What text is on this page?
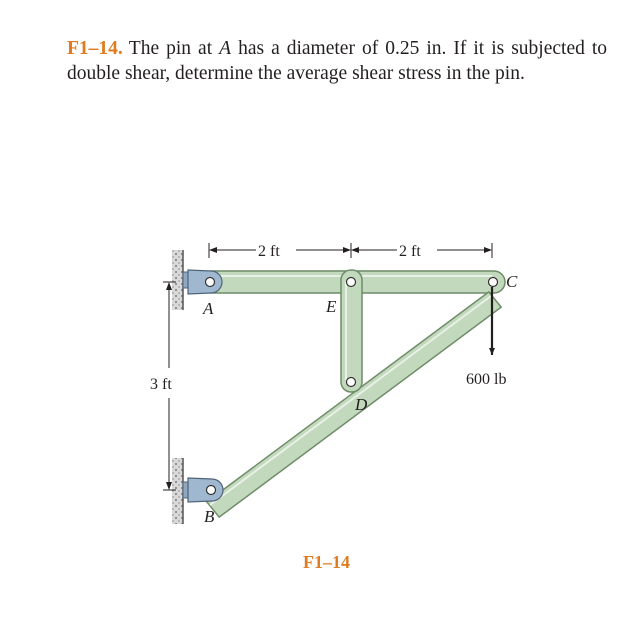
F1–14. The pin at A has a diameter of 0.25 in. If it is subjected to double shear, determine the average shear stress in the pin.

2 ft	2 ft
3 ft	600 lb
A
B
C
D
E
F1–14
